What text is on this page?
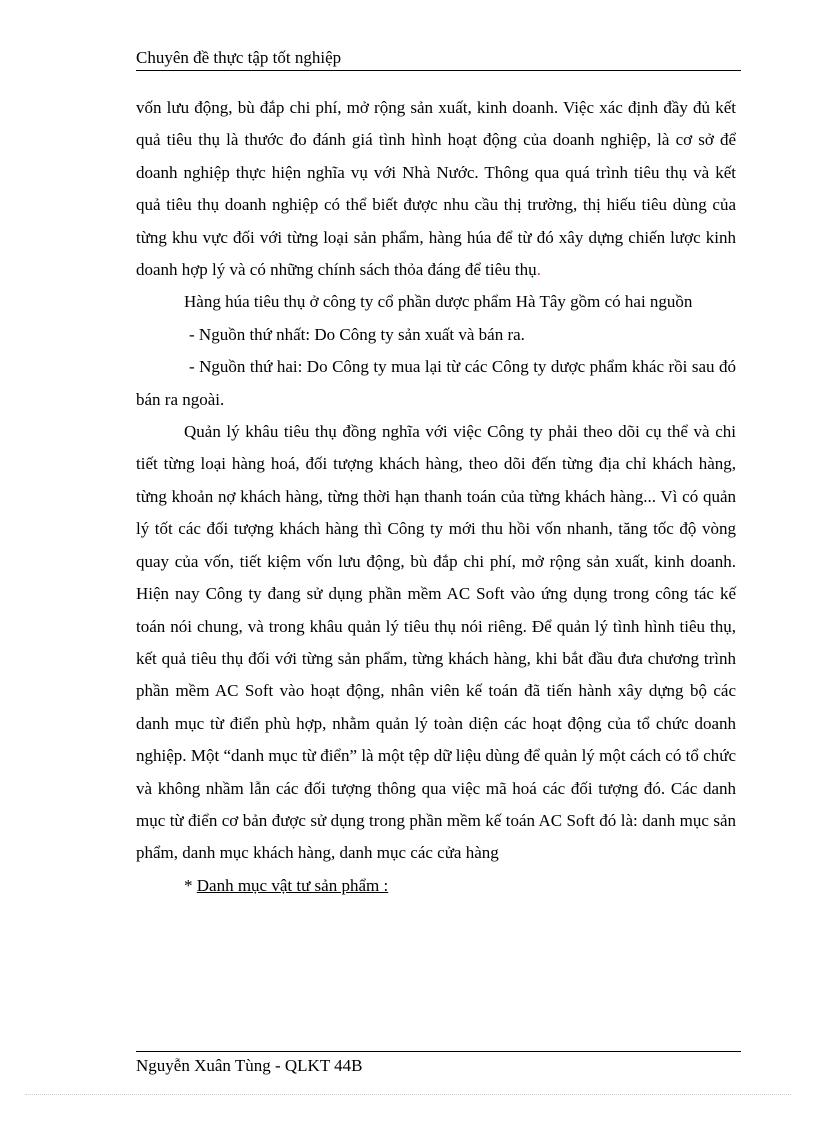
Chuyên đề thực tập tốt nghiệp

vốn lưu động, bù đắp chi phí, mở rộng sản xuất, kinh doanh. Việc xác định đầy đủ kết quả tiêu thụ là thước đo đánh giá tình hình hoạt động của doanh nghiệp, là cơ sở để doanh nghiệp thực hiện nghĩa vụ với Nhà Nước. Thông qua quá trình tiêu thụ và kết quả tiêu thụ doanh nghiệp có thể biết được nhu cầu thị trường, thị hiếu tiêu dùng của từng khu vực đối với từng loại sản phẩm, hàng húa để từ đó xây dựng chiến lược kinh doanh hợp lý và có những chính sách thỏa đáng để tiêu thụ.

Hàng húa tiêu thụ ở công ty cổ phần dược phẩm Hà Tây gồm có hai nguồn

- Nguồn thứ nhất: Do Công ty sản xuất và bán ra.

- Nguồn thứ hai: Do Công ty mua lại từ các Công ty dược phẩm khác rồi sau đó bán ra ngoài.

Quản lý khâu tiêu thụ đồng nghĩa với việc Công ty phải theo dõi cụ thể và chi tiết từng loại hàng hoá, đối tượng khách hàng, theo dõi đến từng địa chỉ khách hàng, từng khoản nợ khách hàng, từng thời hạn thanh toán của từng khách hàng... Vì có quản lý tốt các đối tượng khách hàng thì Công ty mới thu hồi vốn nhanh, tăng tốc độ vòng quay của vốn, tiết kiệm vốn lưu động, bù đắp chi phí, mở rộng sản xuất, kinh doanh. Hiện nay Công ty đang sử dụng phần mềm AC Soft vào ứng dụng trong công tác kế toán nói chung, và trong khâu quản lý tiêu thụ nói riêng. Để quản lý tình hình tiêu thụ, kết quả tiêu thụ đối với từng sản phẩm, từng khách hàng, khi bắt đầu đưa chương trình phần mềm AC Soft vào hoạt động, nhân viên kế toán đã tiến hành xây dựng bộ các danh mục từ điển phù hợp, nhằm quản lý toàn diện các hoạt động của tổ chức doanh nghiệp. Một “danh mục từ điển” là một tệp dữ liệu dùng để quản lý một cách có tổ chức và không nhầm lẫn các đối tượng thông qua việc mã hoá các đối tượng đó. Các danh mục từ điển cơ bản được sử dụng trong phần mềm kế toán AC Soft đó là: danh mục sản phẩm, danh mục khách hàng, danh mục các cửa hàng

* Danh mục vật tư sản phẩm :

Nguyễn Xuân Tùng - QLKT 44B
